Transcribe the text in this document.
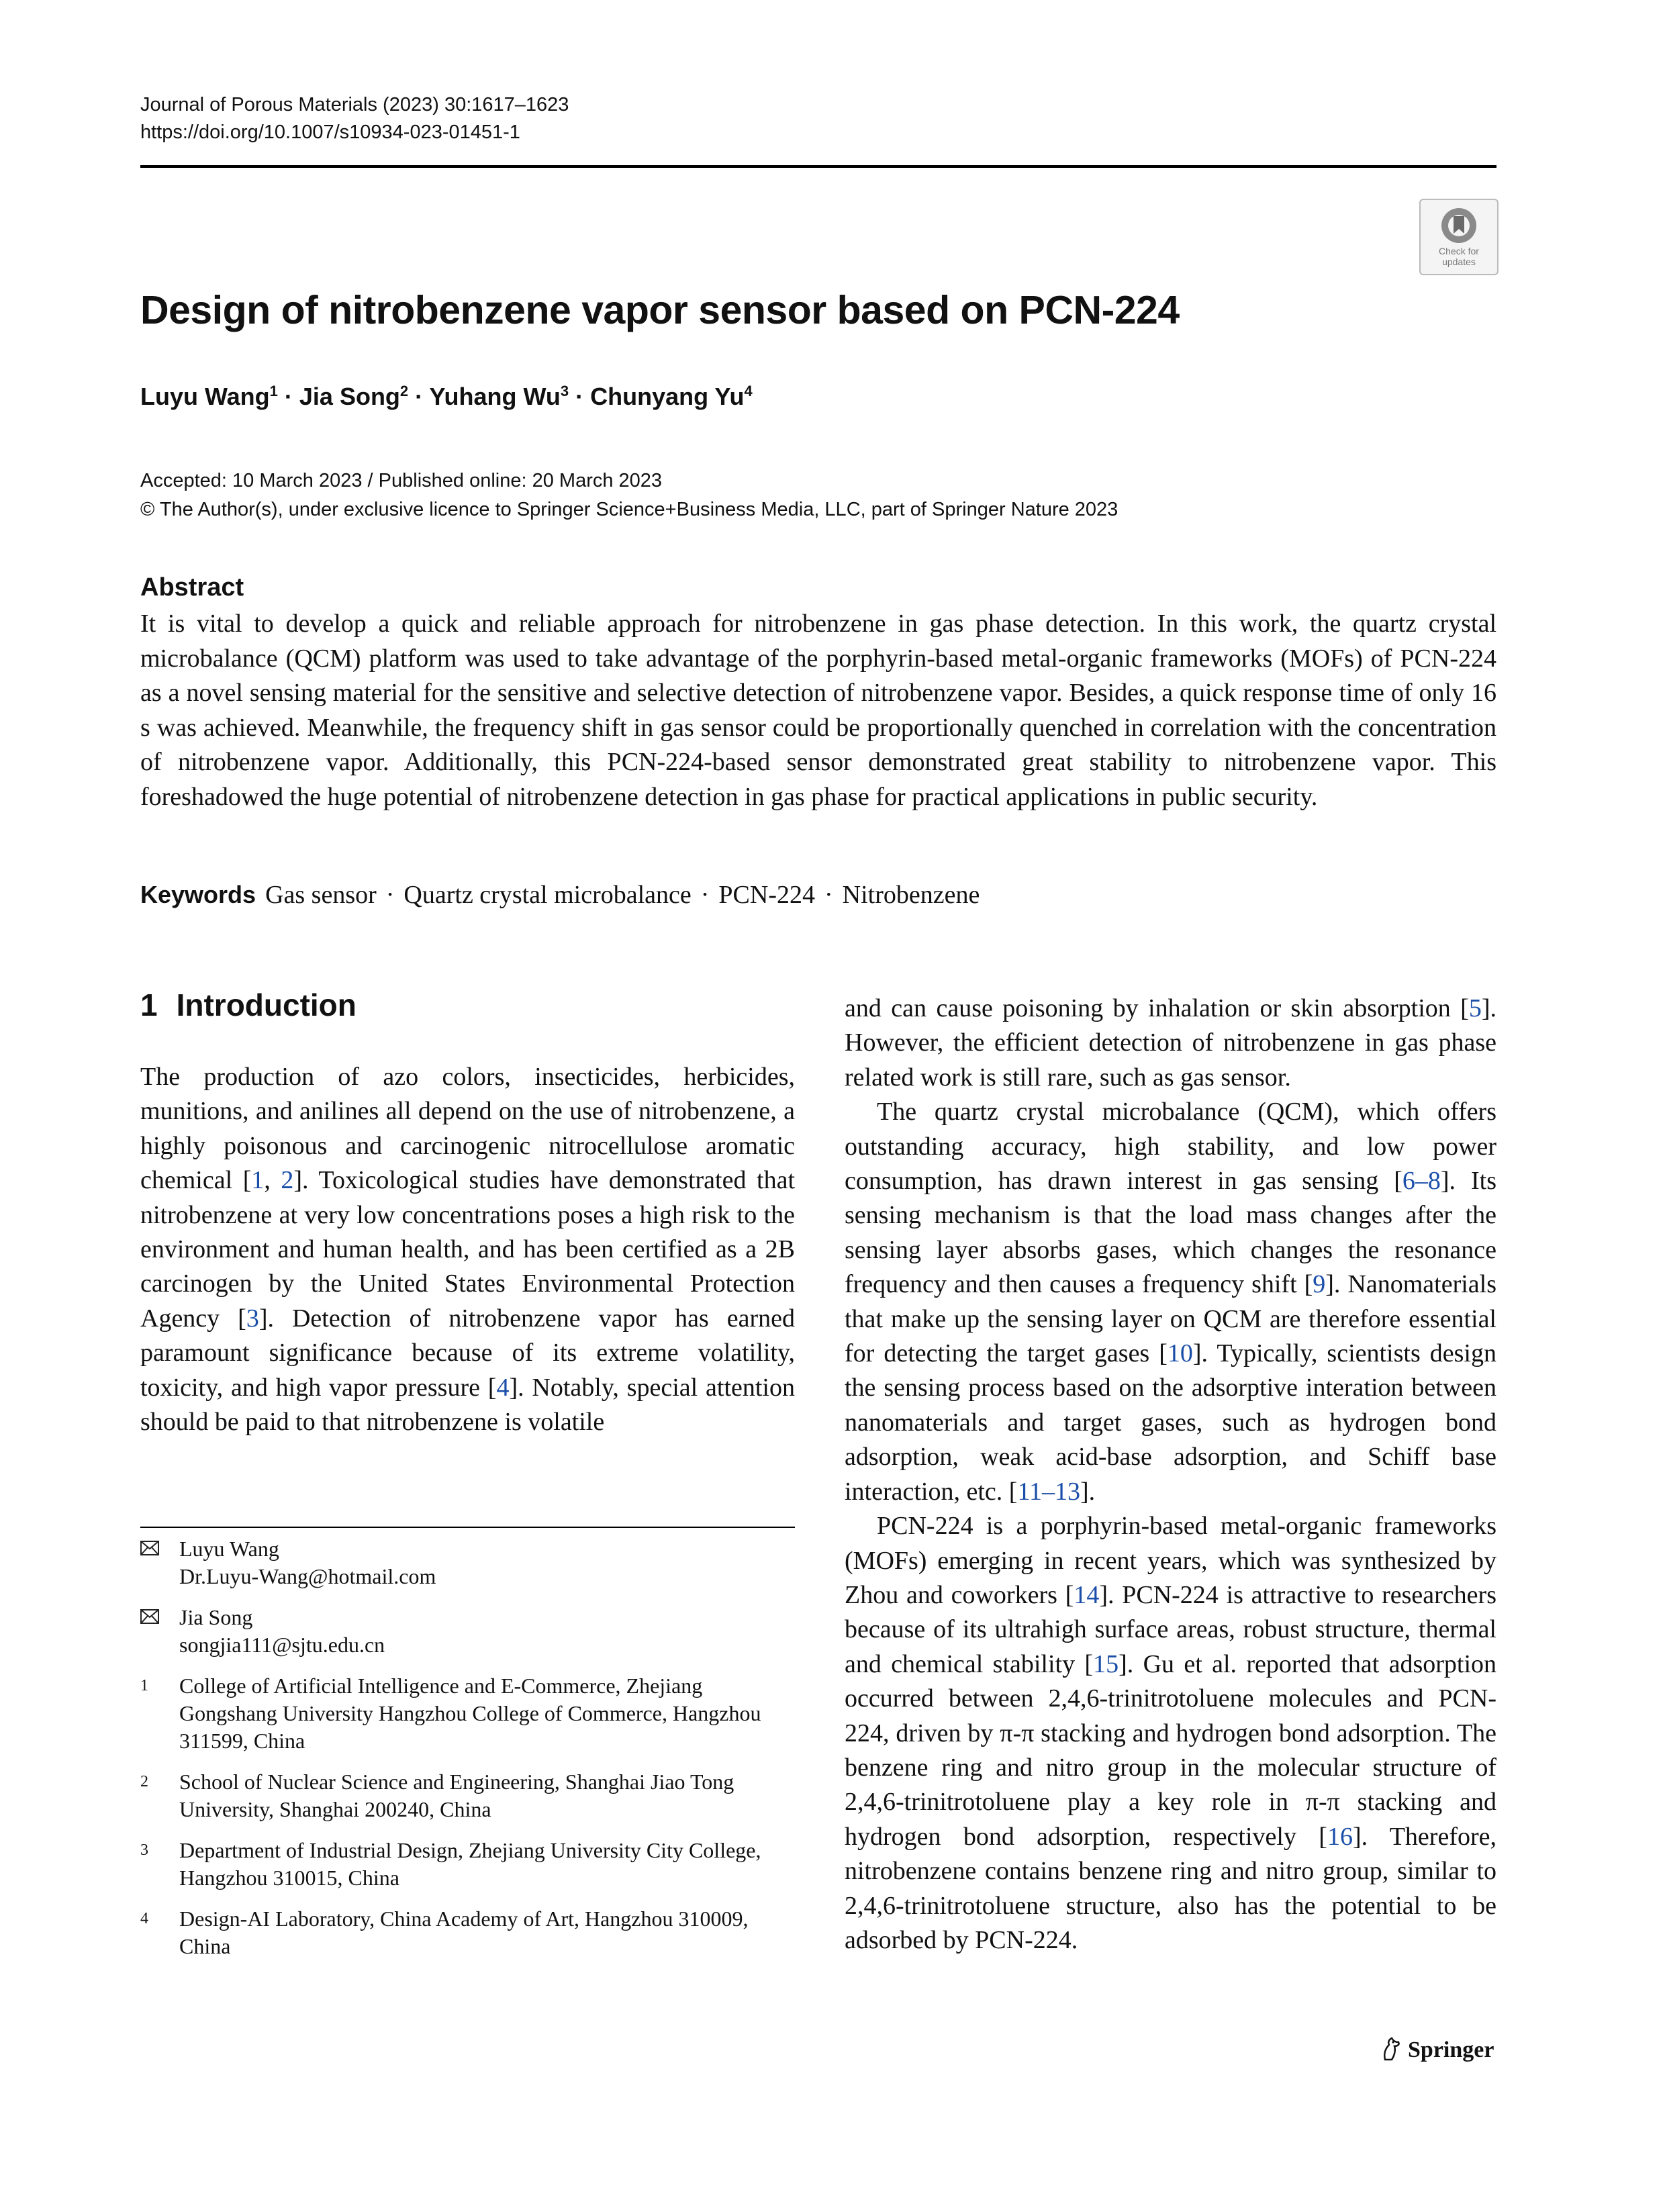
Journal of Porous Materials (2023) 30:1617–1623
https://doi.org/10.1007/s10934-023-01451-1
Check for
updates
Design of nitrobenzene vapor sensor based on PCN-224
Luyu Wang$^1$ · Jia Song$^2$ · Yuhang $Wu^3$ · Chunyang Yu$^4$
Accepted: 10 March 2023 / Published online: 20 March 2023
© The Author(s), under exclusive licence to Springer Science+Business Media, LLC, part of Springer Nature 2023
Abstract
It is vital to develop a quick and reliable approach for nitrobenzene in gas phase detection. In this work, the quartz crystal microbalance (QCM) platform was used to take advantage of the porphyrin-based metal-organic frameworks (MOFs) of PCN-224 as a novel sensing material for the sensitive and selective detection of nitrobenzene vapor. Besides, a quick response time of only 16 s was achieved. Meanwhile, the frequency shift in gas sensor could be proportionally quenched in correlation with the concentration of nitrobenzene vapor. Additionally, this PCN-224-based sensor demonstrated great stability to nitrobenzene vapor. This foreshadowed the huge potential of nitrobenzene detection in gas phase for practical applications in public security.
Keywords Gas sensor · Quartz crystal microbalance · PCN-224 · Nitrobenzene
1 Introduction

The production of azo colors, insecticides, herbicides, munitions, and anilines all depend on the use of nitrobenzene, a highly poisonous and carcinogenic nitrocellulose aromatic chemical [1, 2]. Toxicological studies have demonstrated that nitrobenzene at very low concentrations poses a high risk to the environment and human health, and has been certified as a 2B carcinogen by the United States Environmental Protection Agency [3]. Detection of nitrobenzene vapor has earned paramount significance because of its extreme volatility, toxicity, and high vapor pressure [4]. Notably, special attention should be paid to that nitrobenzene is volatile

and can cause poisoning by inhalation or skin absorption [5]. However, the efficient detection of nitrobenzene in gas phase related work is still rare, such as gas sensor.

The quartz crystal microbalance (QCM), which offers outstanding accuracy, high stability, and low power consumption, has drawn interest in gas sensing [6–8]. Its sensing mechanism is that the load mass changes after the sensing layer absorbs gases, which changes the resonance frequency and then causes a frequency shift [9]. Nanomaterials that make up the sensing layer on QCM are therefore essential for detecting the target gases [10]. Typically, scientists design the sensing process based on the adsorptive interation between nanomaterials and target gases, such as hydrogen bond adsorption, weak acid-base adsorption, and Schiff base interaction, etc. [11–13].

PCN-224 is a porphyrin-based metal-organic frameworks (MOFs) emerging in recent years, which was synthesized by Zhou and coworkers [14]. PCN-224 is attractive to researchers because of its ultrahigh surface areas, robust structure, thermal and chemical stability [15]. Gu et al. reported that adsorption occurred between 2,4,6-trinitrotoluene molecules and PCN-224, driven by π-π stacking and hydrogen bond adsorption. The benzene ring and nitro group in the molecular structure of 2,4,6-trinitrotoluene play a key role in π-π stacking and hydrogen bond adsorption, respectively [16]. Therefore, nitrobenzene contains benzene ring and nitro group, similar to 2,4,6-trinitrotoluene structure, also has the potential to be adsorbed by PCN-224.

Luyu Wang
Dr.Luyu-Wang@hotmail.com
Jia Song
songjia111@sjtu.edu.cn
1 College of Artificial Intelligence and E-Commerce, Zhejiang Gongshang University Hangzhou College of Commerce, Hangzhou 311599, China
2 School of Nuclear Science and Engineering, Shanghai Jiao Tong University, Shanghai 200240, China
3 Department of Industrial Design, Zhejiang University City College, Hangzhou 310015, China
4 Design-AI Laboratory, China Academy of Art, Hangzhou 310009, China
Springer
